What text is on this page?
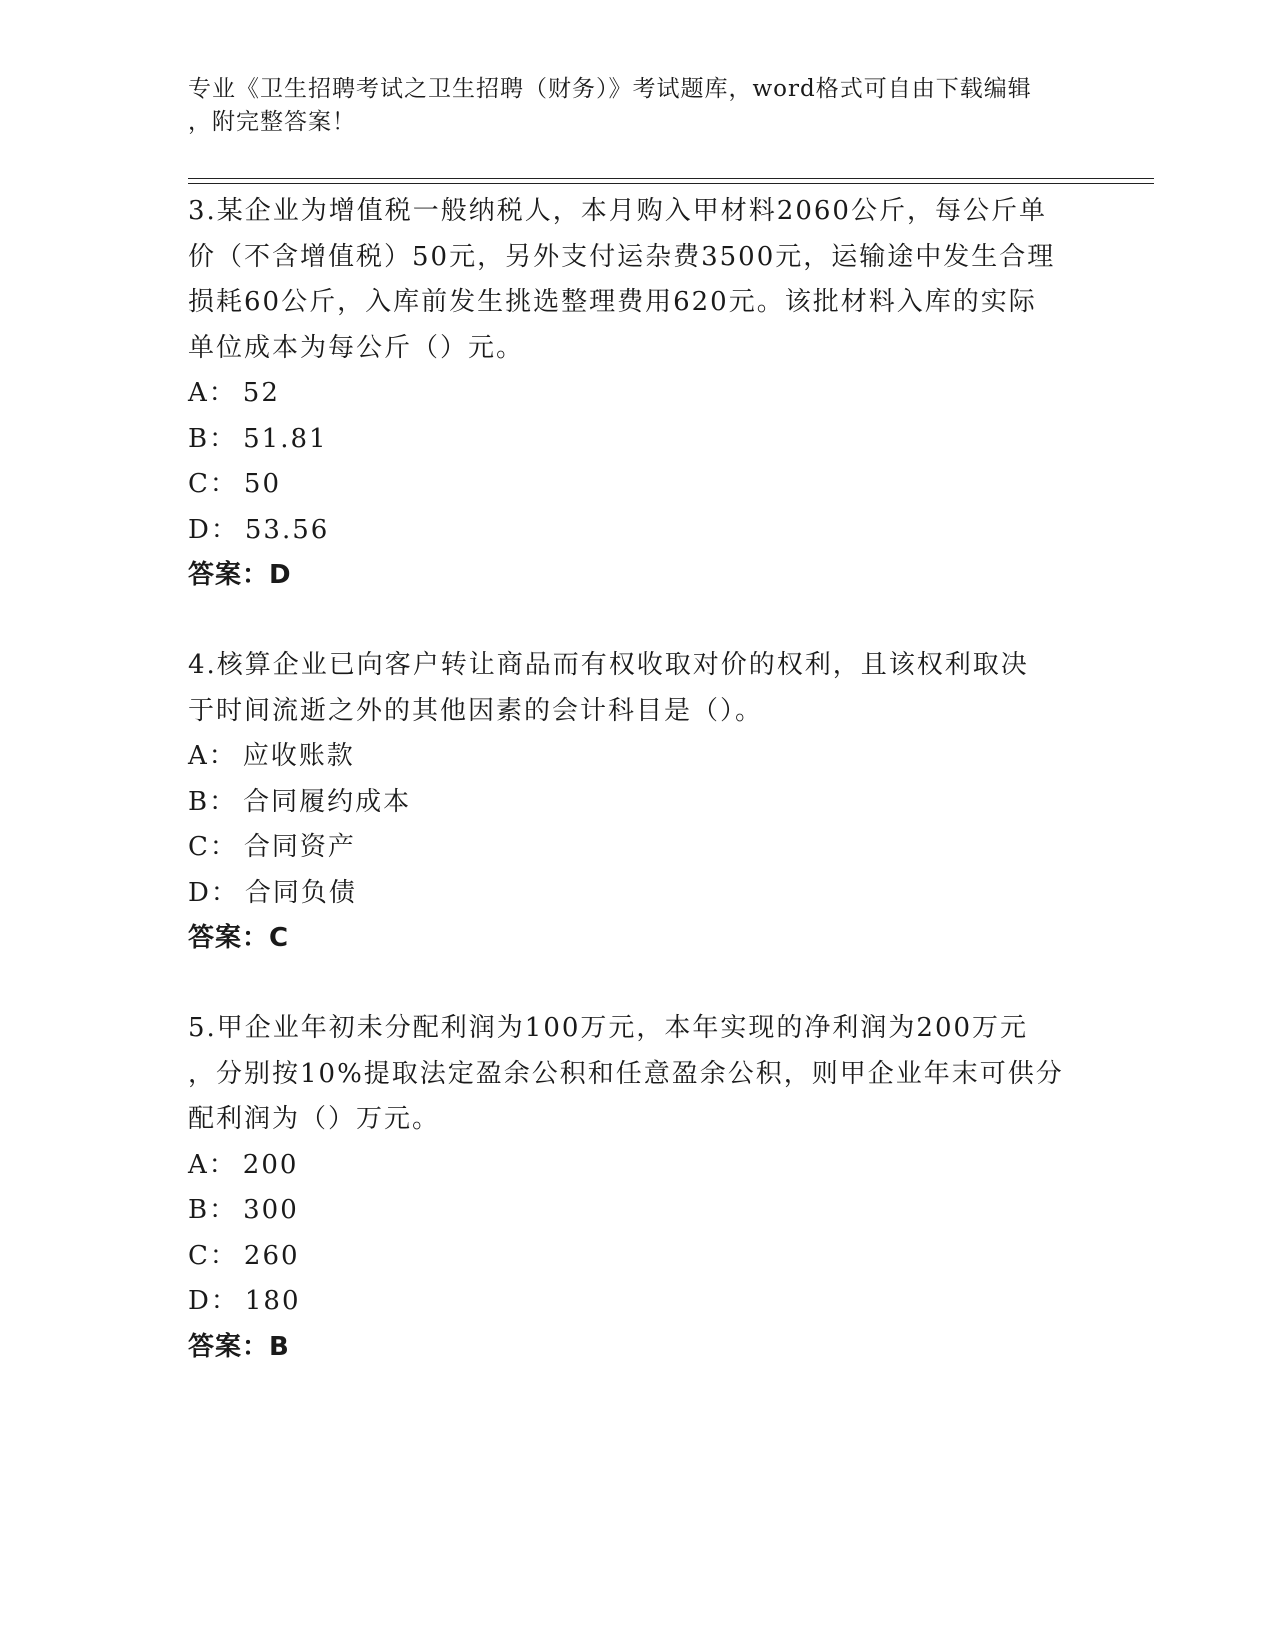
专业《卫生招聘考试之卫生招聘（财务）》考试题库，word格式可自由下载编辑
，附完整答案！
3.某企业为增值税一般纳税人，本月购入甲材料2060公斤，每公斤单
价（不含增值税）50元，另外支付运杂费3500元，运输途中发生合理
损耗60公斤，入库前发生挑选整理费用620元。该批材料入库的实际
单位成本为每公斤（）元。
A： 52
B： 51.81
C： 50
D： 53.56
答案：D
4.核算企业已向客户转让商品而有权收取对价的权利，且该权利取决
于时间流逝之外的其他因素的会计科目是（）。
A： 应收账款
B： 合同履约成本
C： 合同资产
D： 合同负债
答案：C
5.甲企业年初未分配利润为100万元，本年实现的净利润为200万元
，分别按10%提取法定盈余公积和任意盈余公积，则甲企业年末可供分
配利润为（）万元。
A： 200
B： 300
C： 260
D： 180
答案：B
